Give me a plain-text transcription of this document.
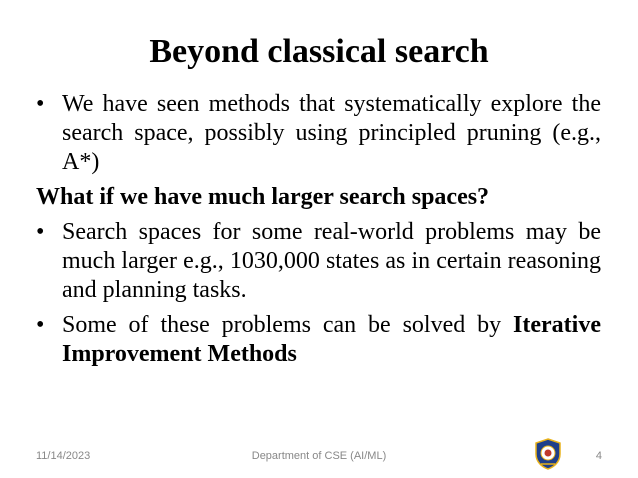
Beyond classical search
• We have seen methods that systematically explore the search space, possibly using principled pruning (e.g., A*)
What if we have much larger search spaces?
• Search spaces for some real-world problems may be much larger e.g., 1030,000 states as in certain reasoning and planning tasks.
• Some of these problems can be solved by Iterative Improvement Methods
11/14/2023	Department of CSE (AI/ML)	4
